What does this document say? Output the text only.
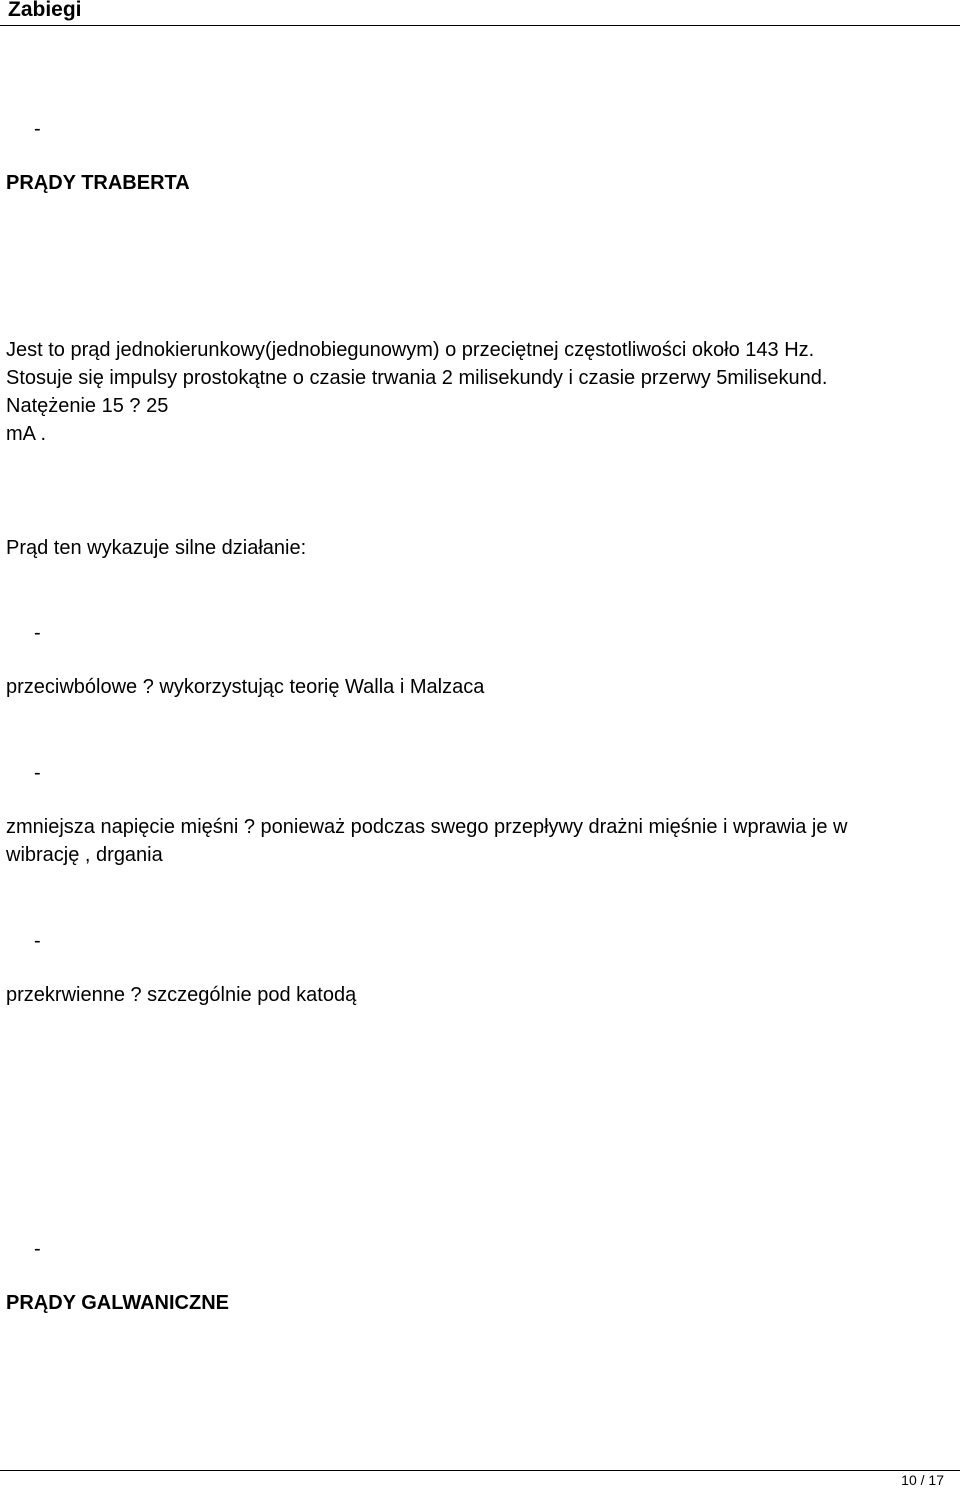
Zabiegi
-
PRĄDY TRABERTA
Jest to prąd jednokierunkowy(jednobiegunowym) o przeciętnej częstotliwości około 143 Hz.
Stosuje się impulsy prostokątne o czasie trwania 2 milisekundy i czasie przerwy 5milisekund.
Natężenie 15 ? 25
mA .
Prąd ten wykazuje silne działanie:
-
przeciwbólowe ? wykorzystując teorię Walla i Malzaca
-
zmniejsza napięcie mięśni ? ponieważ podczas swego przepływy drażni mięśnie i wprawia je w
wibrację , drgania
-
przekrwienne ? szczególnie pod katodą
-
PRĄDY GALWANICZNE
10 / 17
